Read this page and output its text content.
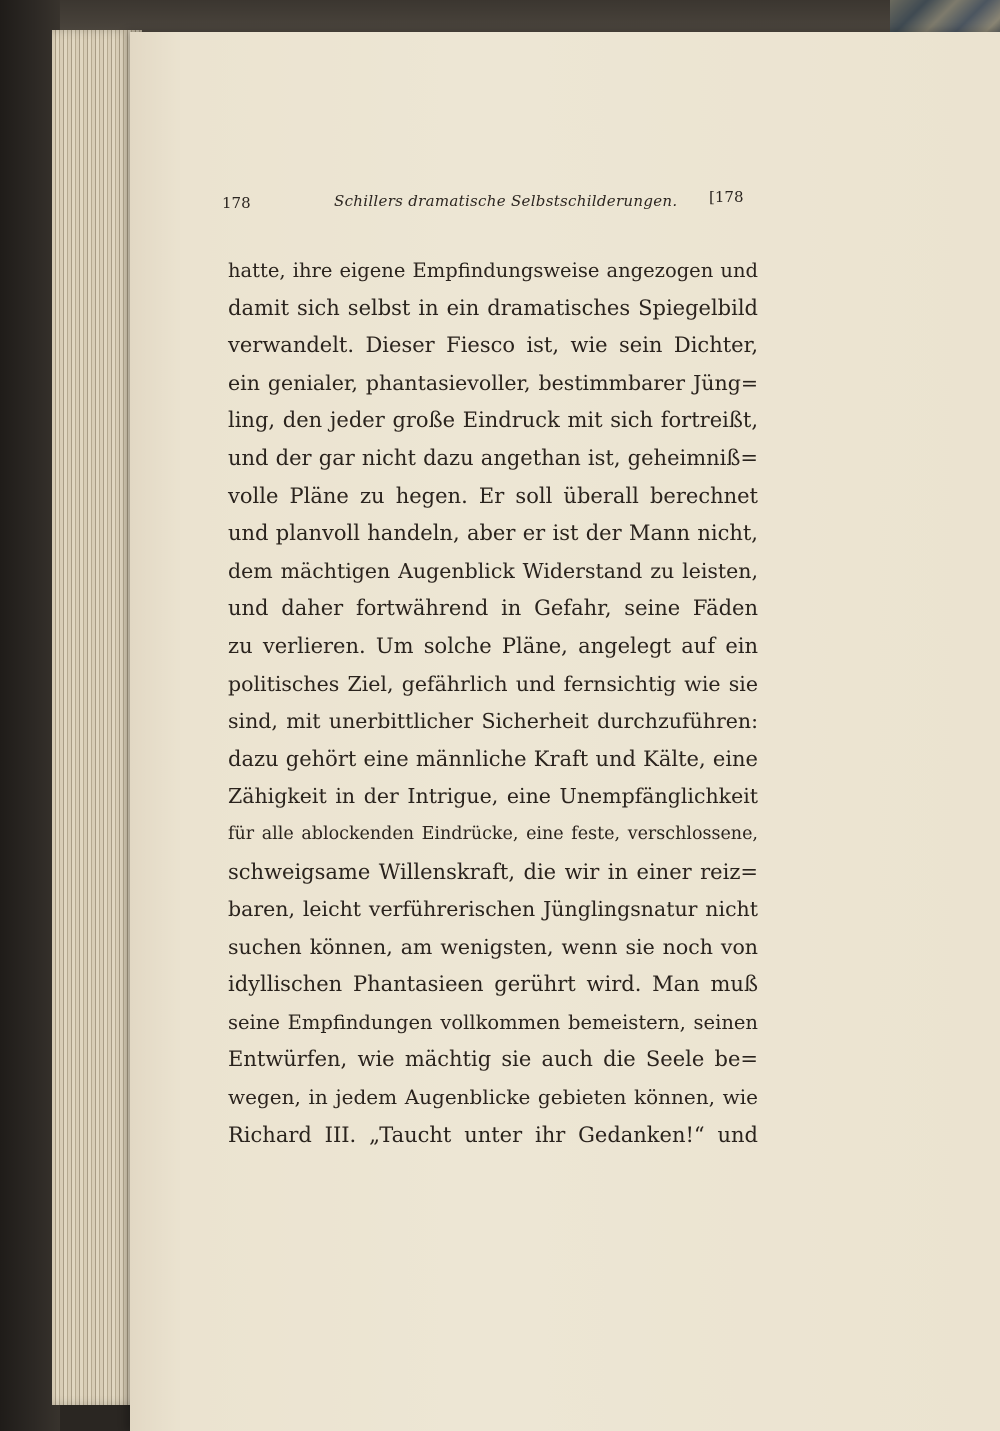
178	Schillers dramatische Selbstschilderungen. [178
hatte, ihre eigene Empfindungsweise angezogen und
damit sich selbst in ein dramatisches Spiegelbild
verwandelt. Dieser Fiesco ist, wie sein Dichter,
ein genialer, phantasievoller, bestimmbarer Jüng=
ling, den jeder große Eindruck mit sich fortreißt,
und der gar nicht dazu angethan ist, geheimniß=
volle Pläne zu hegen. Er soll überall berechnet
und planvoll handeln, aber er ist der Mann nicht,
dem mächtigen Augenblick Widerstand zu leisten,
und daher fortwährend in Gefahr, seine Fäden
zu verlieren. Um solche Pläne, angelegt auf ein
politisches Ziel, gefährlich und fernsichtig wie sie
sind, mit unerbittlicher Sicherheit durchzuführen:
dazu gehört eine männliche Kraft und Kälte, eine
Zähigkeit in der Intrigue, eine Unempfänglichkeit
für alle ablockenden Eindrücke, eine feste, verschlossene,
schweigsame Willenskraft, die wir in einer reiz=
baren, leicht verführerischen Jünglingsnatur nicht
suchen können, am wenigsten, wenn sie noch von
idyllischen Phantasieen gerührt wird. Man muß
seine Empfindungen vollkommen bemeistern, seinen
Entwürfen, wie mächtig sie auch die Seele be=
wegen, in jedem Augenblicke gebieten können, wie
Richard III. „Taucht unter ihr Gedanken!“ und
